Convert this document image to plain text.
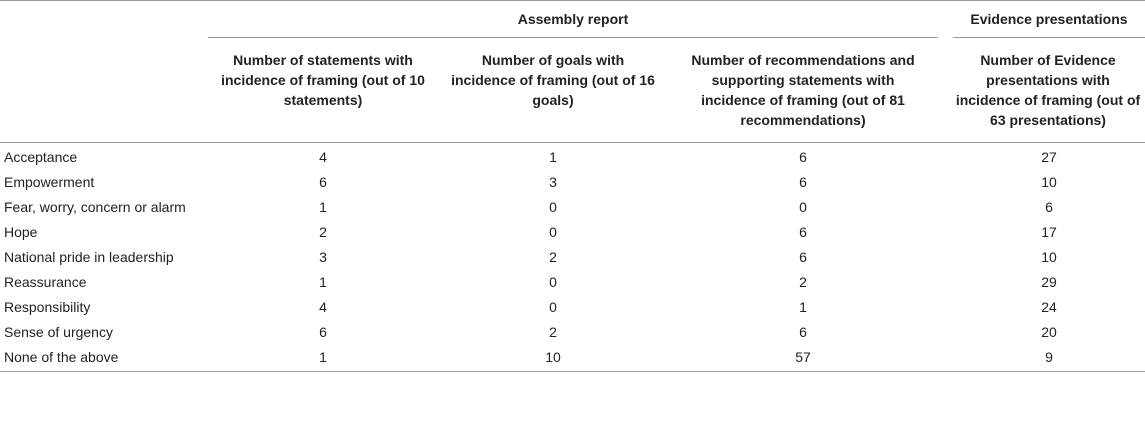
		Assembly report				Evidence presentations
		Number of statements with incidence of framing (out of 10 statements)	Number of goals with incidence of framing (out of 16 goals)	Number of recommendations and supporting statements with incidence of framing (out of 81 recommendations)		Number of Evidence presentations with incidence of framing (out of 63 presentations)
Acceptance		4	1	6		27
Empowerment		6	3	6		10
Fear, worry, concern or alarm		1	0	0		6
Hope		2	0	6		17
National pride in leadership		3	2	6		10
Reassurance		1	0	2		29
Responsibility		4	0	1		24
Sense of urgency		6	2	6		20
None of the above		1	10	57		9
